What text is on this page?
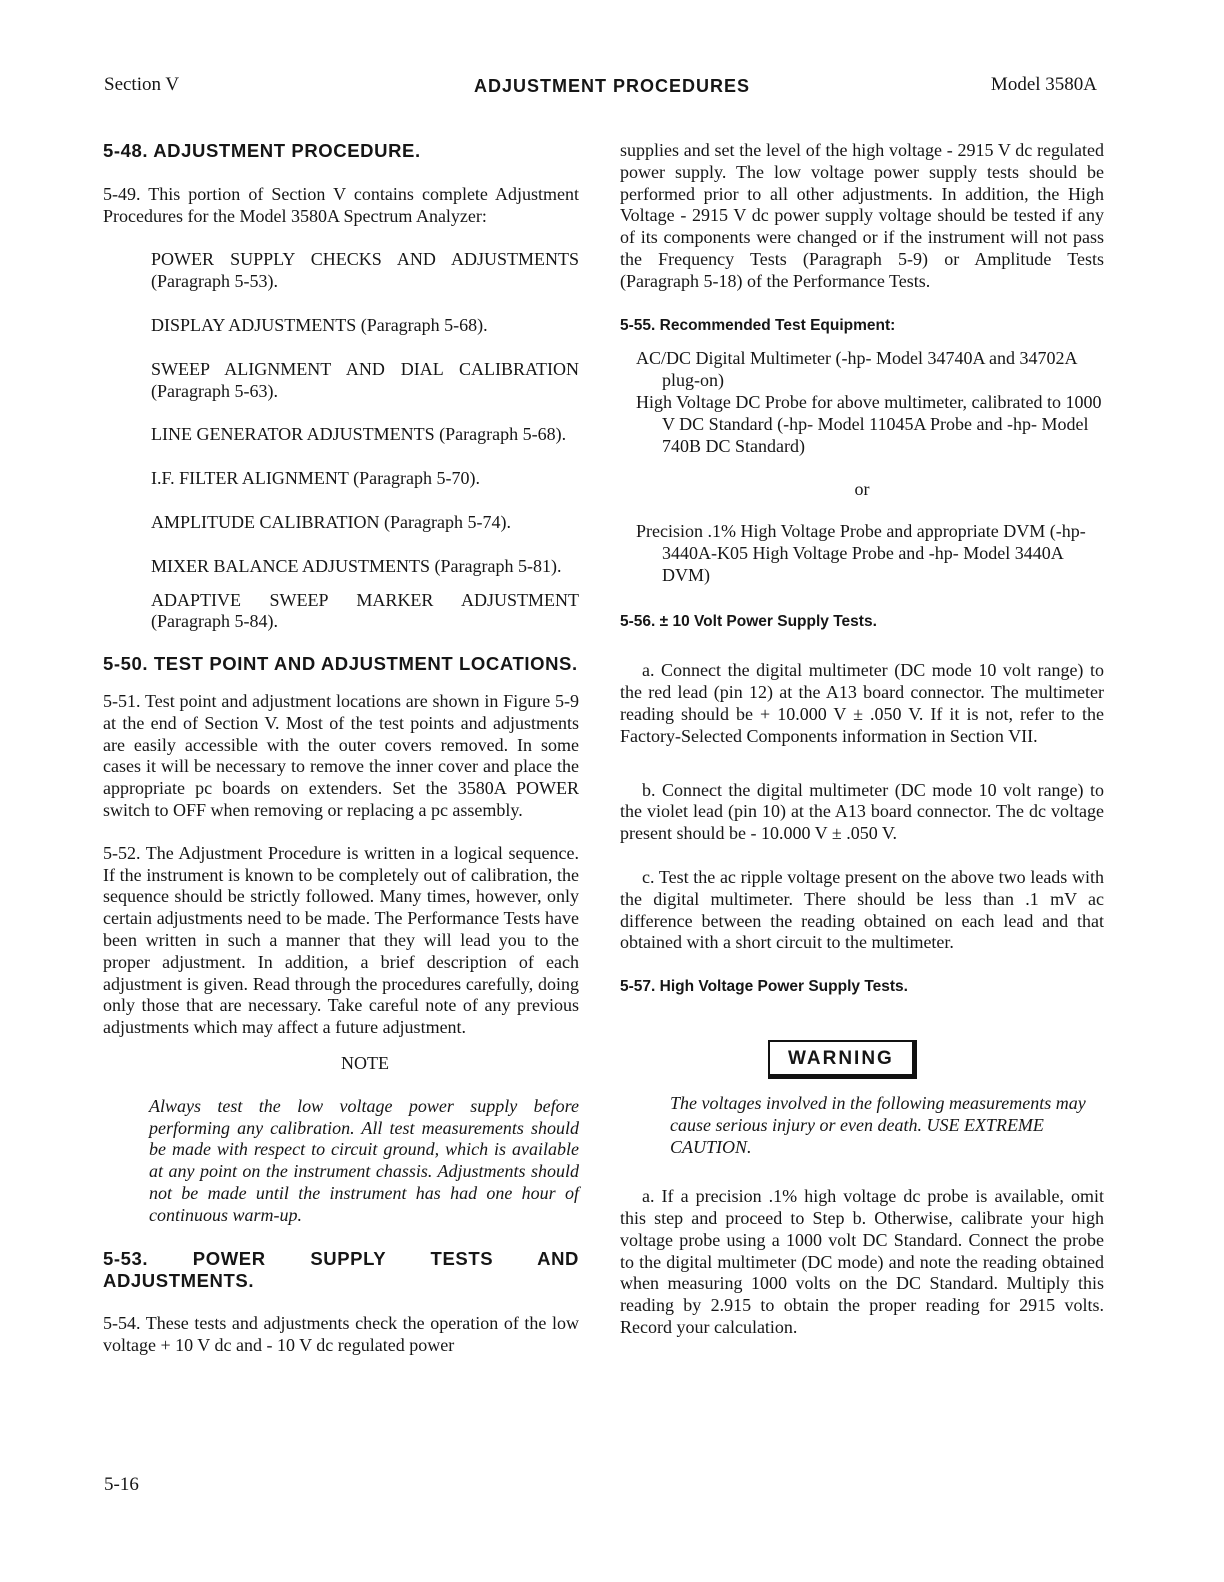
Section V	ADJUSTMENT PROCEDURES	Model 3580A

5-48. ADJUSTMENT PROCEDURE.

5-49. This portion of Section V contains complete Adjustment Procedures for the Model 3580A Spectrum Analyzer:

POWER SUPPLY CHECKS AND ADJUSTMENTS (Paragraph 5-53).

DISPLAY ADJUSTMENTS (Paragraph 5-68).

SWEEP ALIGNMENT AND DIAL CALIBRATION (Paragraph 5-63).

LINE GENERATOR ADJUSTMENTS (Paragraph 5-68).

I.F. FILTER ALIGNMENT (Paragraph 5-70).

AMPLITUDE CALIBRATION (Paragraph 5-74).

MIXER BALANCE ADJUSTMENTS (Paragraph 5-81).

ADAPTIVE SWEEP MARKER ADJUSTMENT (Paragraph 5-84).

5-50. TEST POINT AND ADJUSTMENT LOCATIONS.

5-51. Test point and adjustment locations are shown in Figure 5-9 at the end of Section V. Most of the test points and adjustments are easily accessible with the outer covers removed. In some cases it will be necessary to remove the inner cover and place the appropriate pc boards on extenders. Set the 3580A POWER switch to OFF when removing or replacing a pc assembly.

5-52. The Adjustment Procedure is written in a logical sequence. If the instrument is known to be completely out of calibration, the sequence should be strictly followed. Many times, however, only certain adjustments need to be made. The Performance Tests have been written in such a manner that they will lead you to the proper adjustment. In addition, a brief description of each adjustment is given. Read through the procedures carefully, doing only those that are necessary. Take careful note of any previous adjustments which may affect a future adjustment.

NOTE

Always test the low voltage power supply before performing any calibration. All test measurements should be made with respect to circuit ground, which is available at any point on the instrument chassis. Adjustments should not be made until the instrument has had one hour of continuous warm-up.

5-53. POWER SUPPLY TESTS AND ADJUSTMENTS.

5-54. These tests and adjustments check the operation of the low voltage + 10 V dc and - 10 V dc regulated power

supplies and set the level of the high voltage - 2915 V dc regulated power supply. The low voltage power supply tests should be performed prior to all other adjustments. In addition, the High Voltage - 2915 V dc power supply voltage should be tested if any of its components were changed or if the instrument will not pass the Frequency Tests (Paragraph 5-9) or Amplitude Tests (Paragraph 5-18) of the Performance Tests.

5-55. Recommended Test Equipment:

AC/DC Digital Multimeter (-hp- Model 34740A and 34702A plug-on)

High Voltage DC Probe for above multimeter, calibrated to 1000 V DC Standard (-hp- Model 11045A Probe and -hp- Model 740B DC Standard)

or

Precision .1% High Voltage Probe and appropriate DVM (-hp- 3440A-K05 High Voltage Probe and -hp- Model 3440A DVM)

5-56. ± 10 Volt Power Supply Tests.

a. Connect the digital multimeter (DC mode 10 volt range) to the red lead (pin 12) at the A13 board connector. The multimeter reading should be + 10.000 V ± .050 V. If it is not, refer to the Factory-Selected Components information in Section VII.

b. Connect the digital multimeter (DC mode 10 volt range) to the violet lead (pin 10) at the A13 board connector. The dc voltage present should be - 10.000 V ± .050 V.

c. Test the ac ripple voltage present on the above two leads with the digital multimeter. There should be less than .1 mV ac difference between the reading obtained on each lead and that obtained with a short circuit to the multimeter.

5-57. High Voltage Power Supply Tests.

WARNING

The voltages involved in the following measurements may cause serious injury or even death. USE EXTREME CAUTION.

a. If a precision .1% high voltage dc probe is available, omit this step and proceed to Step b. Otherwise, calibrate your high voltage probe using a 1000 volt DC Standard. Connect the probe to the digital multimeter (DC mode) and note the reading obtained when measuring 1000 volts on the DC Standard. Multiply this reading by 2.915 to obtain the proper reading for 2915 volts. Record your calculation.

5-16
